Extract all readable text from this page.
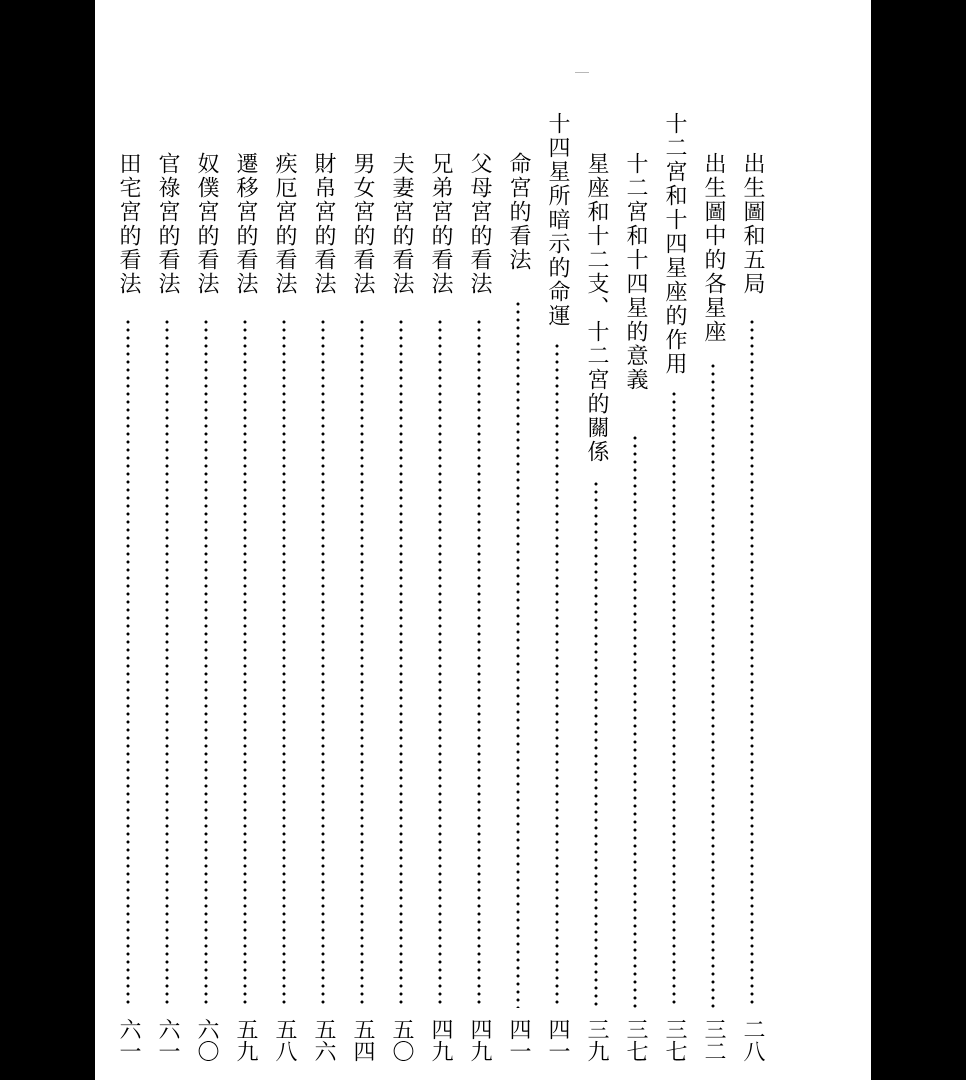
出生圖和五局
二八
出生圖中的各星座
三二
十二宮和十四星座的作用
三七
十二宮和十四星的意義
三七
星座和十二支、十二宮的關係
三九
十四星所暗示的命運
四一
命宮的看法
四一
父母宮的看法
四九
兄弟宮的看法
四九
夫妻宮的看法
五〇
男女宮的看法
五四
財帛宮的看法
五六
疾厄宮的看法
五八
遷移宮的看法
五九
奴僕宮的看法
六〇
官祿宮的看法
六一
田宅宮的看法
六一
